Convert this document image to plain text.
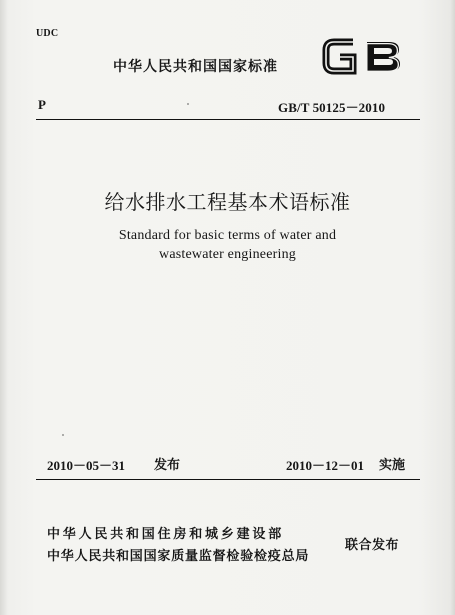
UDC
中华人民共和国国家标准
P	GB/T 50125－2010
给水排水工程基本术语标准
Standard for basic terms of water and
wastewater engineering
2010－05－31 发布	2010－12－01 实施
中华人民共和国住房和城乡建设部
中华人民共和国国家质量监督检验检疫总局
联合发布
